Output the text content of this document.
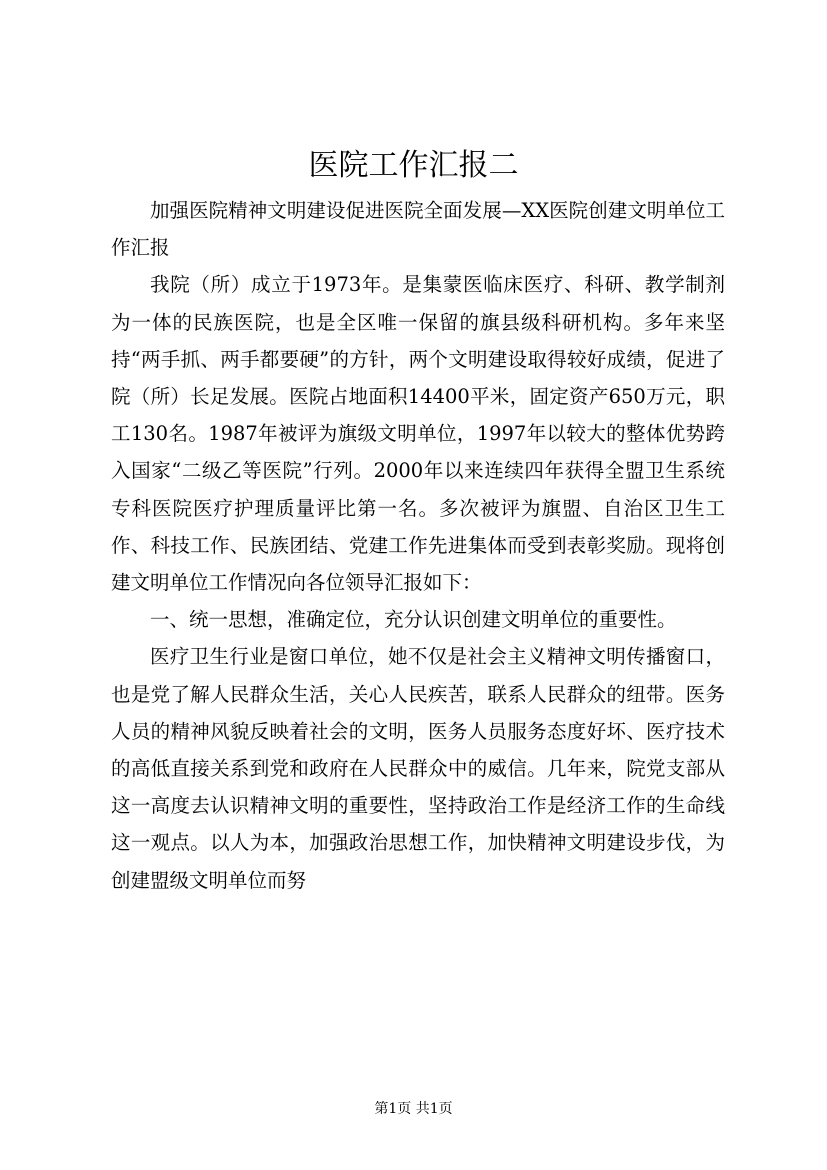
医院工作汇报二

加强医院精神文明建设促进医院全面发展—XX医院创建文明单位工作汇报

我院（所）成立于1973年。是集蒙医临床医疗、科研、教学制剂为一体的民族医院，也是全区唯一保留的旗县级科研机构。多年来坚持“两手抓、两手都要硬”的方针，两个文明建设取得较好成绩，促进了院（所）长足发展。医院占地面积14400平米，固定资产650万元，职工130名。1987年被评为旗级文明单位，1997年以较大的整体优势跨入国家“二级乙等医院”行列。2000年以来连续四年获得全盟卫生系统专科医院医疗护理质量评比第一名。多次被评为旗盟、自治区卫生工作、科技工作、民族团结、党建工作先进集体而受到表彰奖励。现将创建文明单位工作情况向各位领导汇报如下：

一、统一思想，准确定位，充分认识创建文明单位的重要性。

医疗卫生行业是窗口单位，她不仅是社会主义精神文明传播窗口，也是党了解人民群众生活，关心人民疾苦，联系人民群众的纽带。医务人员的精神风貌反映着社会的文明，医务人员服务态度好坏、医疗技术的高低直接关系到党和政府在人民群众中的威信。几年来，院党支部从这一高度去认识精神文明的重要性，坚持政治工作是经济工作的生命线这一观点。以人为本，加强政治思想工作，加快精神文明建设步伐，为创建盟级文明单位而努

第1页 共1页
